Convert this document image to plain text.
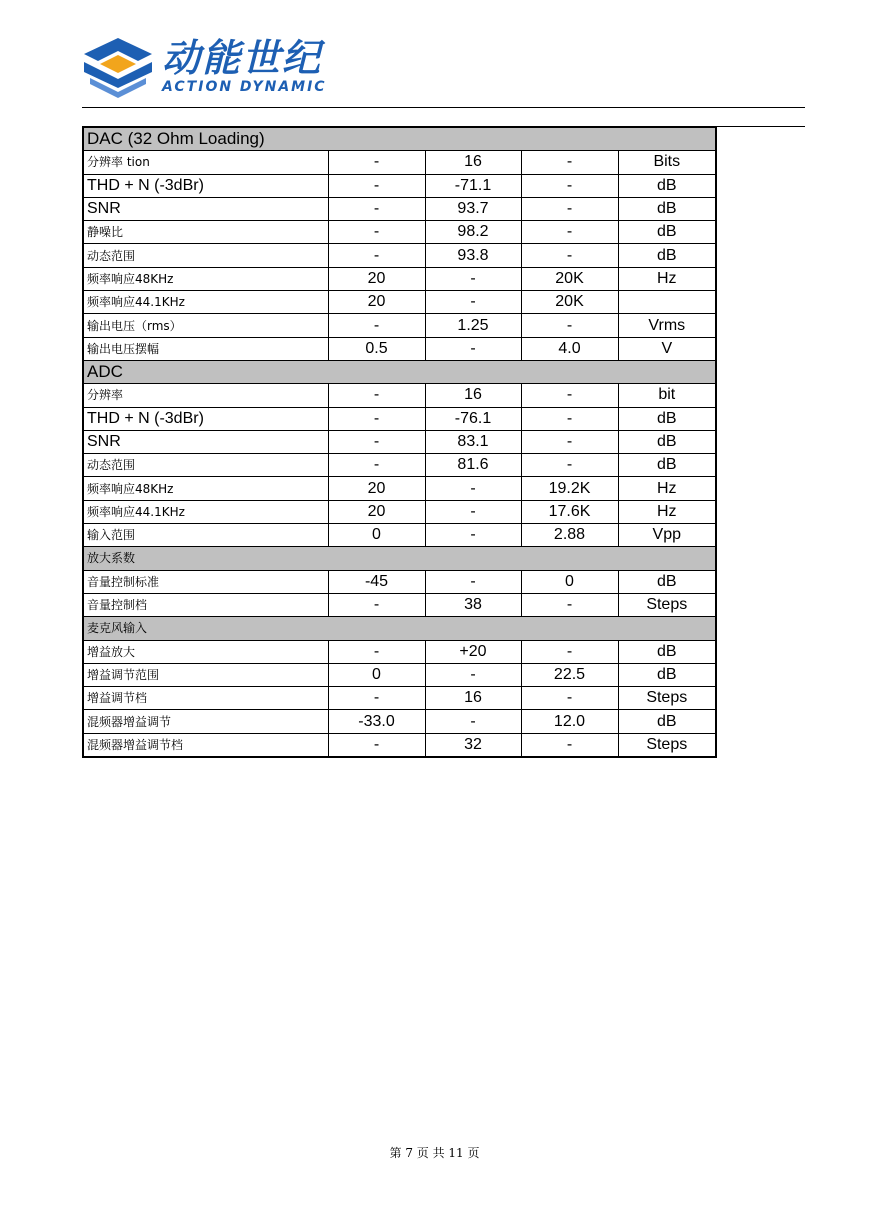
动能世纪
ACTION DYNAMIC
DAC (32 Ohm Loading)				
分辨率 tion	-	16	-	Bits
THD + N (-3dBr)	-	-71.1	-	dB
SNR	-	93.7	-	dB
静噪比	-	98.2	-	dB
动态范围	-	93.8	-	dB
频率响应48KHz	20	-	20K	Hz
频率响应44.1KHz	20	-	20K	
输出电压（rms）	-	1.25	-	Vrms
输出电压摆幅	0.5	-	4.0	V
ADC				
分辨率	-	16	-	bit
THD + N (-3dBr)	-	-76.1	-	dB
SNR	-	83.1	-	dB
动态范围	-	81.6	-	dB
频率响应48KHz	20	-	19.2K	Hz
频率响应44.1KHz	20	-	17.6K	Hz
输入范围	0	-	2.88	Vpp
放大系数				
音量控制标准	-45	-	0	dB
音量控制档	-	38	-	Steps
麦克风输入				
增益放大	-	+20	-	dB
增益调节范围	0	-	22.5	dB
增益调节档	-	16	-	Steps
混频器增益调节	-33.0	-	12.0	dB
混频器增益调节档	-	32	-	Steps
第 7 页 共 11 页
